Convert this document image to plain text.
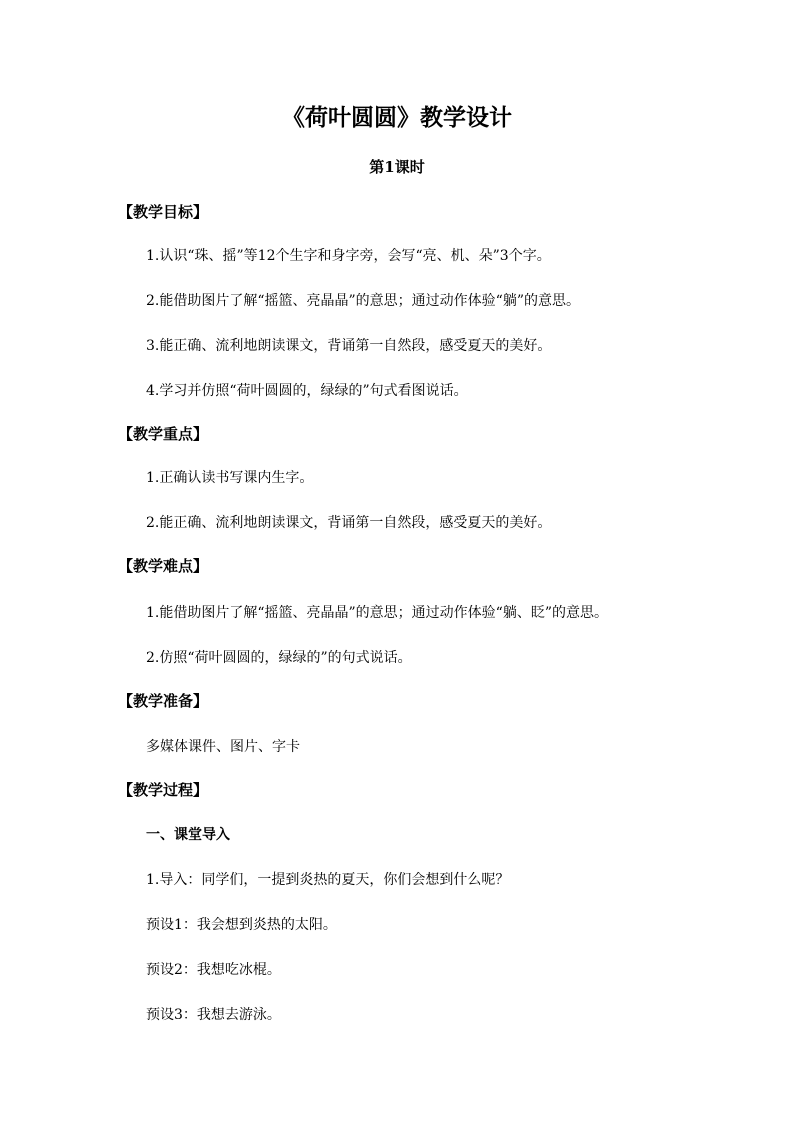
《荷叶圆圆》教学设计
第1课时
【教学目标】
1.认识“珠、摇”等12个生字和身字旁，会写“亮、机、朵”3个字。
2.能借助图片了解“摇篮、亮晶晶”的意思；通过动作体验“躺”的意思。
3.能正确、流利地朗读课文，背诵第一自然段，感受夏天的美好。
4.学习并仿照“荷叶圆圆的，绿绿的”句式看图说话。
【教学重点】
1.正确认读书写课内生字。
2.能正确、流利地朗读课文，背诵第一自然段，感受夏天的美好。
【教学难点】
1.能借助图片了解“摇篮、亮晶晶”的意思；通过动作体验“躺、眨”的意思。
2.仿照“荷叶圆圆的，绿绿的”的句式说话。
【教学准备】
多媒体课件、图片、字卡
【教学过程】
一、课堂导入
1.导入：同学们，一提到炎热的夏天，你们会想到什么呢？
预设1：我会想到炎热的太阳。
预设2：我想吃冰棍。
预设3：我想去游泳。
